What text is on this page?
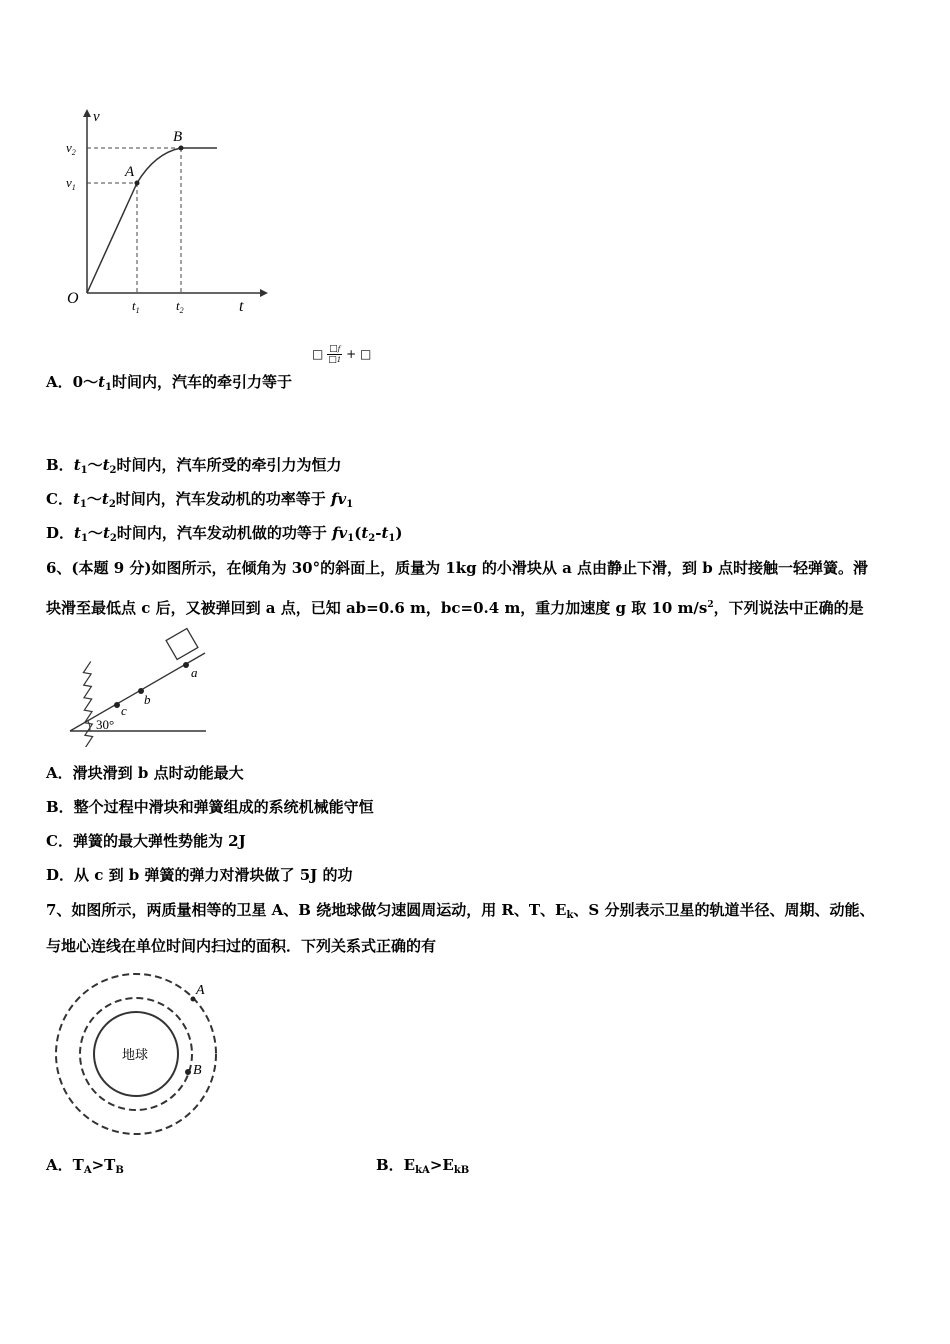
v
t
O
A
B
$v_1$
$v_2$
$t_1$	$t_2$
□ $\frac{□f}{□1}$ + □
A．$0\sim t_1$时间内，汽车的牵引力等于
B．$t_1\sim t_2$时间内，汽车所受的牵引力为恒力
C．$t_1\sim t_2$时间内，汽车发动机的功率等于 $fv_1$
D．$t_1\sim t_2$时间内，汽车发动机做的功等于 $fv_1(t_2-t_1)$
6、(本题 9 分)如图所示，在倾角为 30°的斜面上，质量为 1kg 的小滑块从 a 点由静止下滑，到 b 点时接触一轻弹簧。滑
块滑至最低点 c 后，又被弹回到 a 点，已知 ab=0.6 m，bc=0.4 m，重力加速度 g 取 10 $m/s^2$，下列说法中正确的是
a
b
c
30°
A．滑块滑到 b 点时动能最大
B．整个过程中滑块和弹簧组成的系统机械能守恒
C．弹簧的最大弹性势能为 2J
D．从 c 到 b 弹簧的弹力对滑块做了 5J 的功
7、如图所示，两质量相等的卫星 A、B 绕地球做匀速圆周运动，用 R、T、$E_k$、S 分别表示卫星的轨道半径、周期、动能、
与地心连线在单位时间内扫过的面积．下列关系式正确的有
地球
A
B
A．$T_A>T_B$	B．$E_{kA}>E_{kB}$
